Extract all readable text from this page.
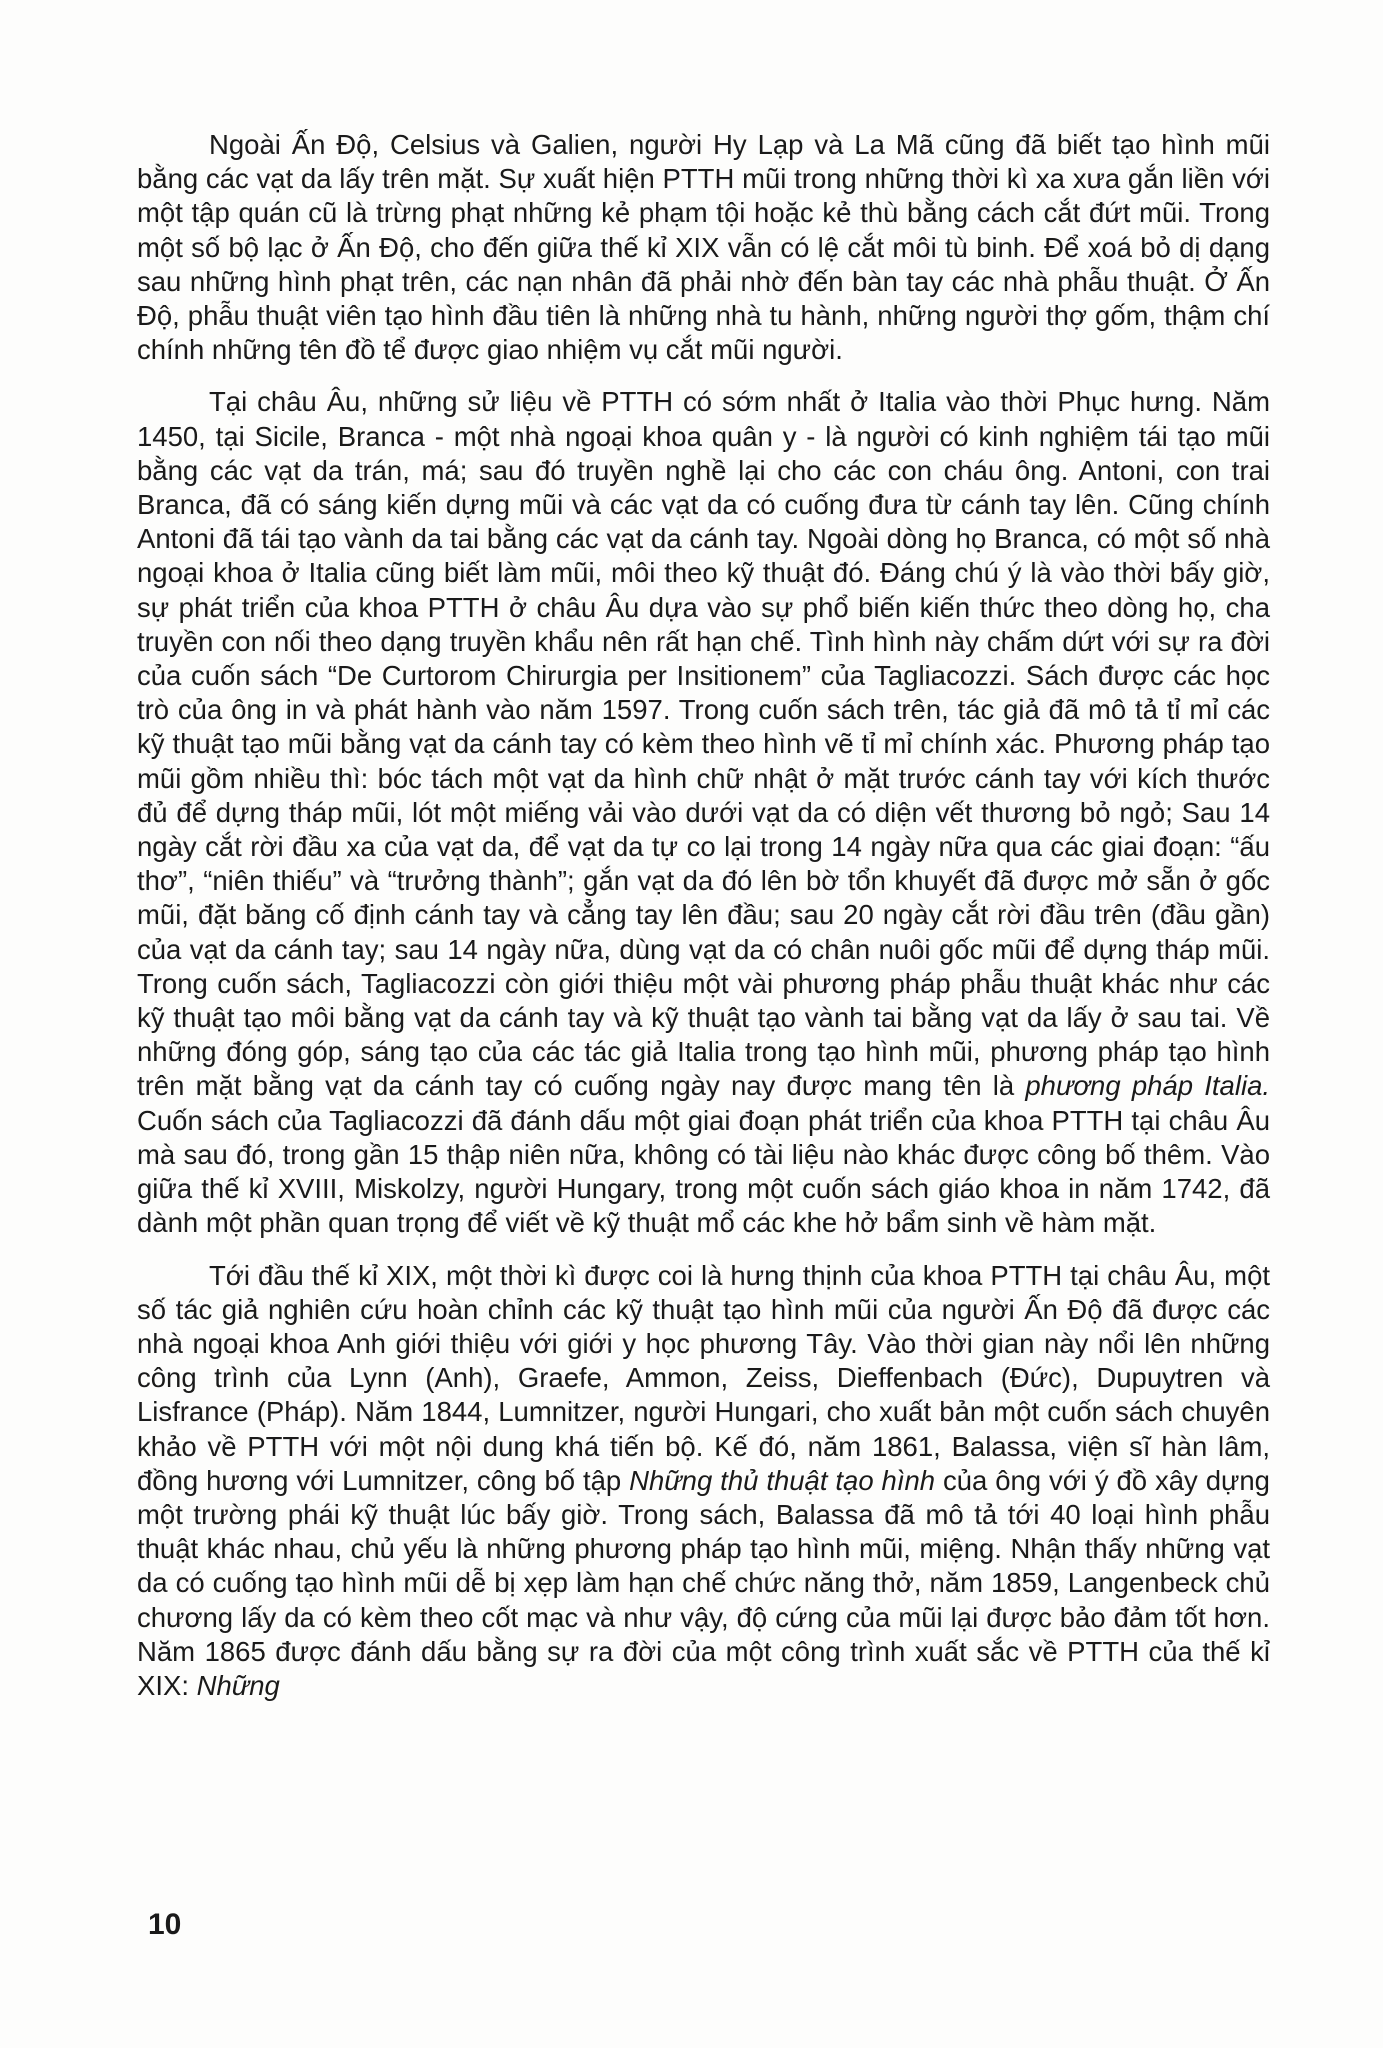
Ngoài Ấn Độ, Celsius và Galien, người Hy Lạp và La Mã cũng đã biết tạo hình mũi bằng các vạt da lấy trên mặt. Sự xuất hiện PTTH mũi trong những thời kì xa xưa gắn liền với một tập quán cũ là trừng phạt những kẻ phạm tội hoặc kẻ thù bằng cách cắt đứt mũi. Trong một số bộ lạc ở Ấn Độ, cho đến giữa thế kỉ XIX vẫn có lệ cắt môi tù binh. Để xoá bỏ dị dạng sau những hình phạt trên, các nạn nhân đã phải nhờ đến bàn tay các nhà phẫu thuật. Ở Ấn Độ, phẫu thuật viên tạo hình đầu tiên là những nhà tu hành, những người thợ gốm, thậm chí chính những tên đồ tể được giao nhiệm vụ cắt mũi người.

Tại châu Âu, những sử liệu về PTTH có sớm nhất ở Italia vào thời Phục hưng. Năm 1450, tại Sicile, Branca - một nhà ngoại khoa quân y - là người có kinh nghiệm tái tạo mũi bằng các vạt da trán, má; sau đó truyền nghề lại cho các con cháu ông. Antoni, con trai Branca, đã có sáng kiến dựng mũi và các vạt da có cuống đưa từ cánh tay lên. Cũng chính Antoni đã tái tạo vành da tai bằng các vạt da cánh tay. Ngoài dòng họ Branca, có một số nhà ngoại khoa ở Italia cũng biết làm mũi, môi theo kỹ thuật đó. Đáng chú ý là vào thời bấy giờ, sự phát triển của khoa PTTH ở châu Âu dựa vào sự phổ biến kiến thức theo dòng họ, cha truyền con nối theo dạng truyền khẩu nên rất hạn chế. Tình hình này chấm dứt với sự ra đời của cuốn sách “De Curtorom Chirurgia per Insitionem” của Tagliacozzi. Sách được các học trò của ông in và phát hành vào năm 1597. Trong cuốn sách trên, tác giả đã mô tả tỉ mỉ các kỹ thuật tạo mũi bằng vạt da cánh tay có kèm theo hình vẽ tỉ mỉ chính xác. Phương pháp tạo mũi gồm nhiều thì: bóc tách một vạt da hình chữ nhật ở mặt trước cánh tay với kích thước đủ để dựng tháp mũi, lót một miếng vải vào dưới vạt da có diện vết thương bỏ ngỏ; Sau 14 ngày cắt rời đầu xa của vạt da, để vạt da tự co lại trong 14 ngày nữa qua các giai đoạn: “ấu thơ”, “niên thiếu” và “trưởng thành”; gắn vạt da đó lên bờ tổn khuyết đã được mở sẵn ở gốc mũi, đặt băng cố định cánh tay và cẳng tay lên đầu; sau 20 ngày cắt rời đầu trên (đầu gần) của vạt da cánh tay; sau 14 ngày nữa, dùng vạt da có chân nuôi gốc mũi để dựng tháp mũi. Trong cuốn sách, Tagliacozzi còn giới thiệu một vài phương pháp phẫu thuật khác như các kỹ thuật tạo môi bằng vạt da cánh tay và kỹ thuật tạo vành tai bằng vạt da lấy ở sau tai. Về những đóng góp, sáng tạo của các tác giả Italia trong tạo hình mũi, phương pháp tạo hình trên mặt bằng vạt da cánh tay có cuống ngày nay được mang tên là phương pháp Italia. Cuốn sách của Tagliacozzi đã đánh dấu một giai đoạn phát triển của khoa PTTH tại châu Âu mà sau đó, trong gần 15 thập niên nữa, không có tài liệu nào khác được công bố thêm. Vào giữa thế kỉ XVIII, Miskolzy, người Hungary, trong một cuốn sách giáo khoa in năm 1742, đã dành một phần quan trọng để viết về kỹ thuật mổ các khe hở bẩm sinh về hàm mặt.

Tới đầu thế kỉ XIX, một thời kì được coi là hưng thịnh của khoa PTTH tại châu Âu, một số tác giả nghiên cứu hoàn chỉnh các kỹ thuật tạo hình mũi của người Ấn Độ đã được các nhà ngoại khoa Anh giới thiệu với giới y học phương Tây. Vào thời gian này nổi lên những công trình của Lynn (Anh), Graefe, Ammon, Zeiss, Dieffenbach (Đức), Dupuytren và Lisfrance (Pháp). Năm 1844, Lumnitzer, người Hungari, cho xuất bản một cuốn sách chuyên khảo về PTTH với một nội dung khá tiến bộ. Kế đó, năm 1861, Balassa, viện sĩ hàn lâm, đồng hương với Lumnitzer, công bố tập Những thủ thuật tạo hình của ông với ý đồ xây dựng một trường phái kỹ thuật lúc bấy giờ. Trong sách, Balassa đã mô tả tới 40 loại hình phẫu thuật khác nhau, chủ yếu là những phương pháp tạo hình mũi, miệng. Nhận thấy những vạt da có cuống tạo hình mũi dễ bị xẹp làm hạn chế chức năng thở, năm 1859, Langenbeck chủ chương lấy da có kèm theo cốt mạc và như vậy, độ cứng của mũi lại được bảo đảm tốt hơn. Năm 1865 được đánh dấu bằng sự ra đời của một công trình xuất sắc về PTTH của thế kỉ XIX: Những

10
